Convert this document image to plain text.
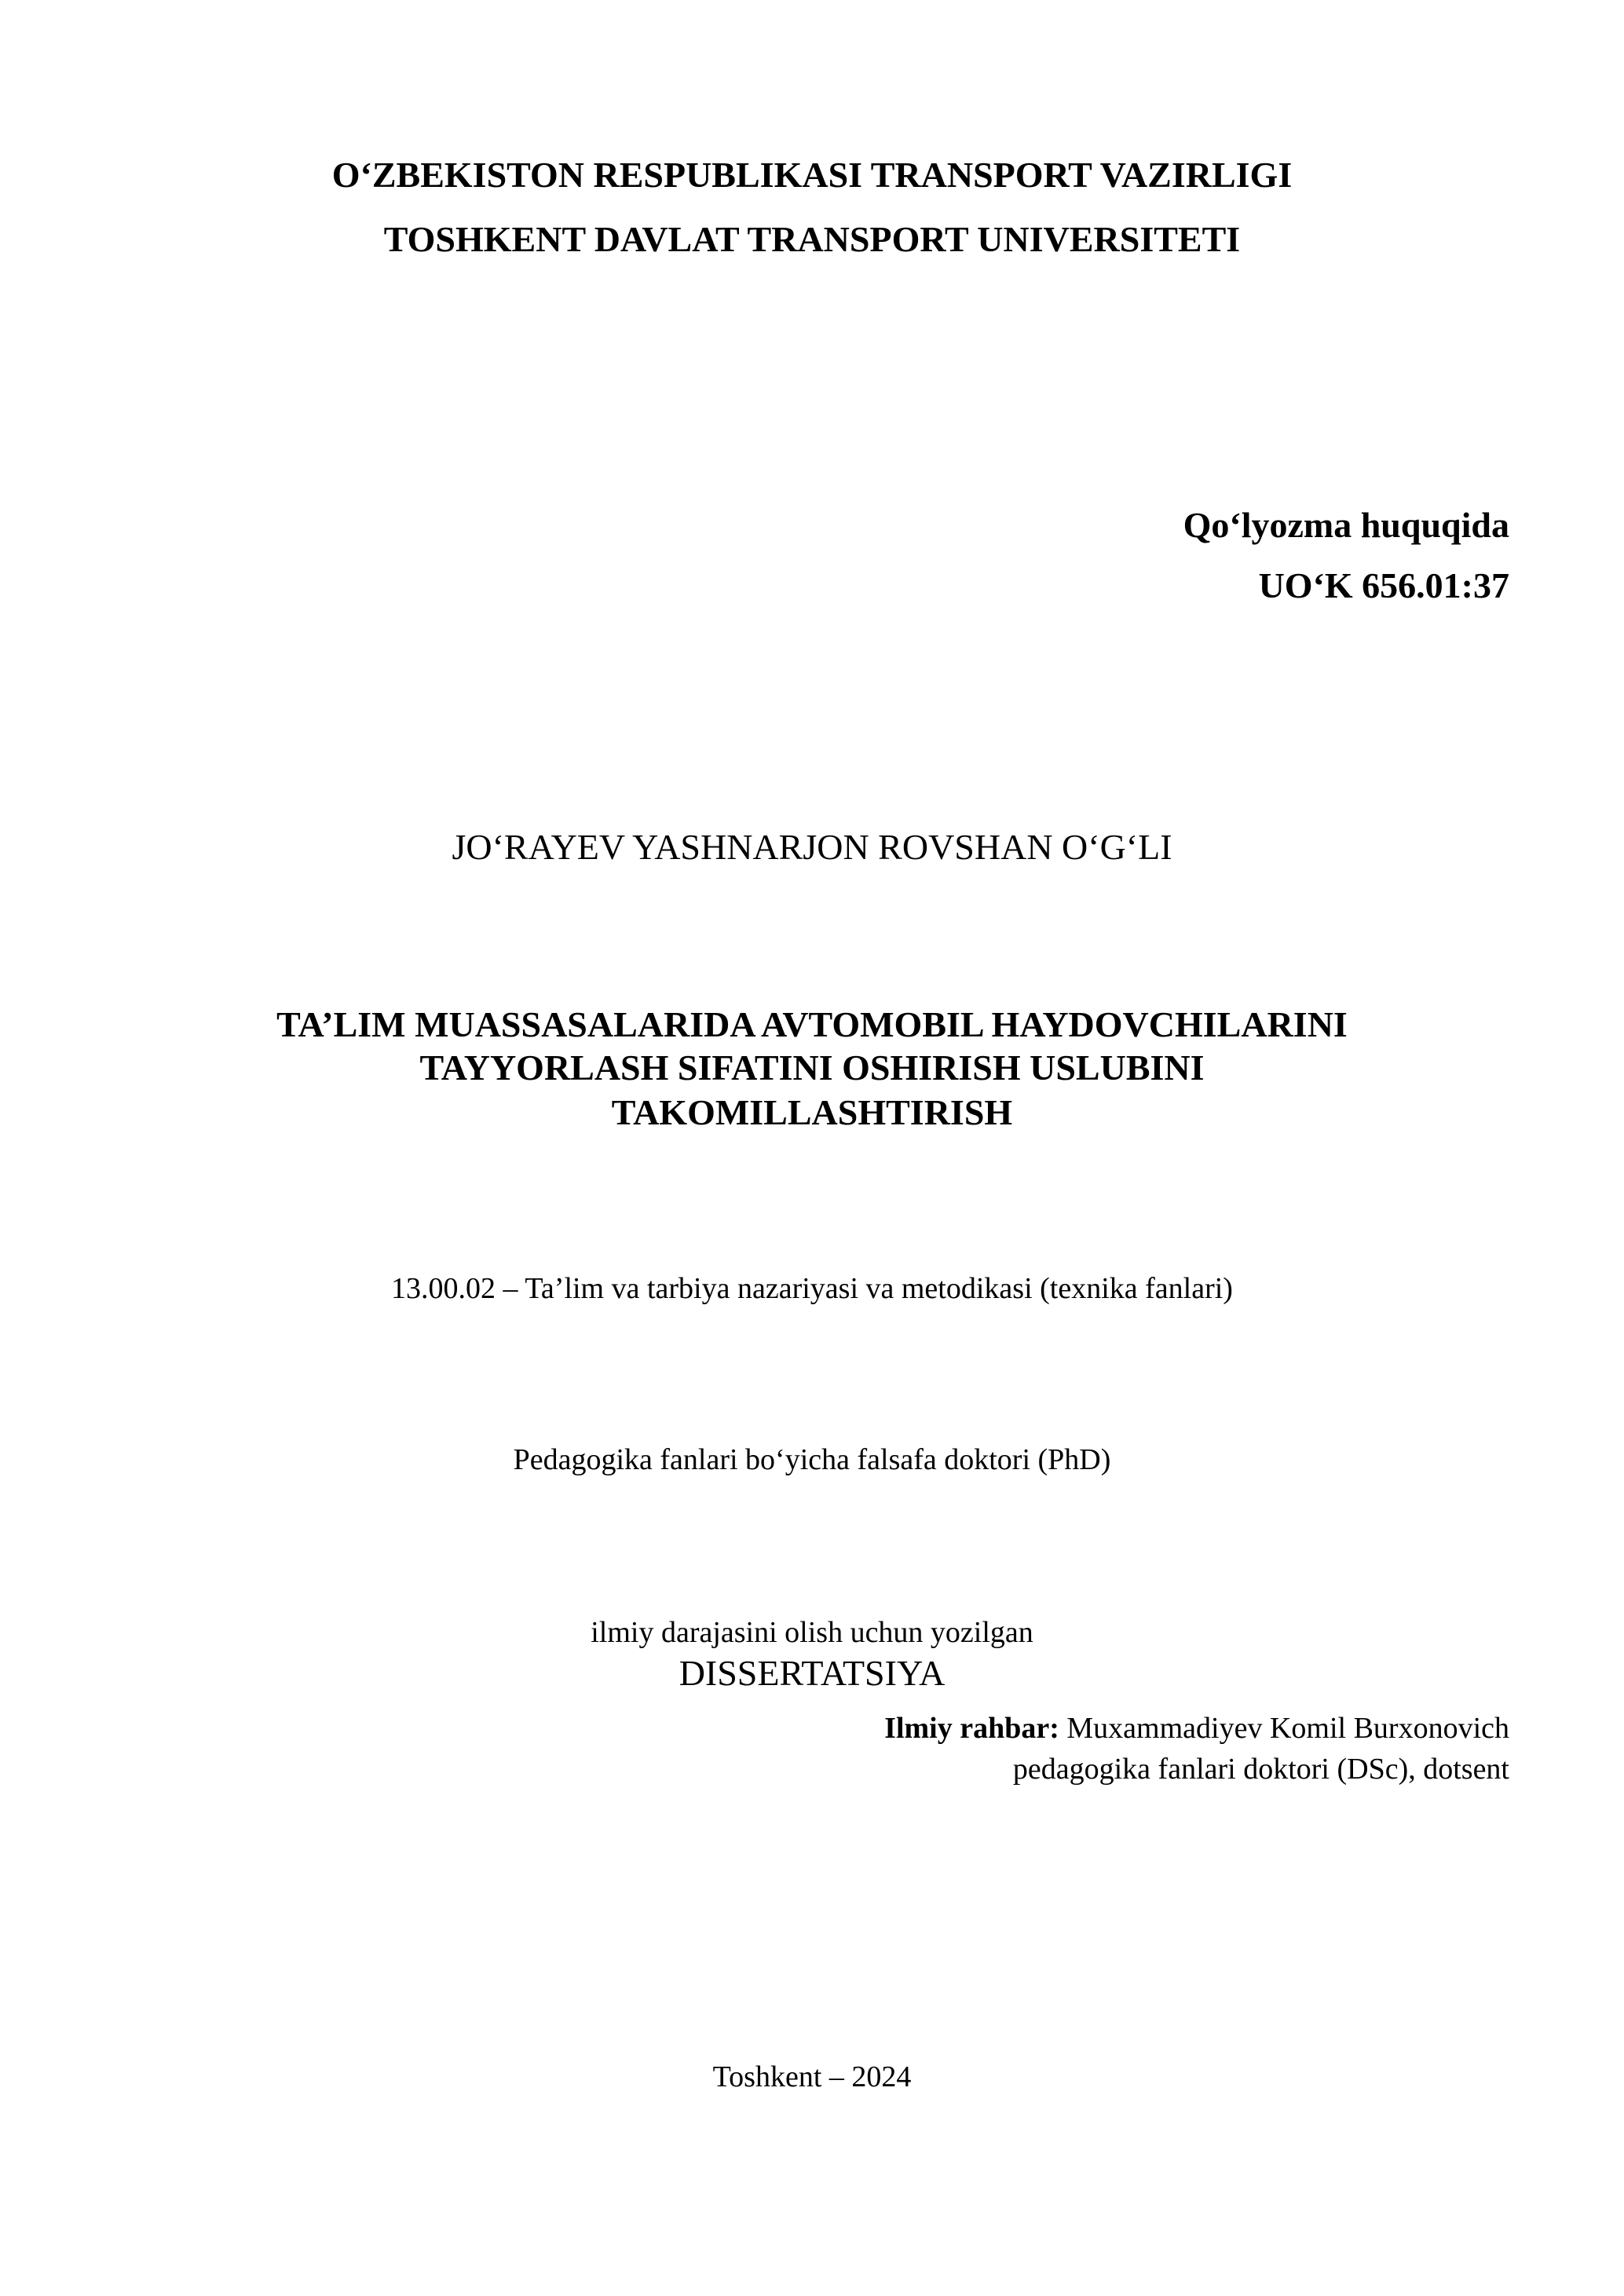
O‘ZBEKISTON RESPUBLIKASI TRANSPORT VAZIRLIGI
TOSHKENT DAVLAT TRANSPORT UNIVERSITETI
Qo‘lyozma huquqida
UO‘K 656.01:37
JO‘RAYEV YASHNARJON ROVSHAN O‘G‘LI
TA’LIM MUASSASALARIDA AVTOMOBIL HAYDOVCHILARINI
TAYYORLASH SIFATINI OSHIRISH USLUBINI
TAKOMILLASHTIRISH
13.00.02 – Ta’lim va tarbiya nazariyasi va metodikasi (texnika fanlari)
Pedagogika fanlari bo‘yicha falsafa doktori (PhD)
ilmiy darajasini olish uchun yozilgan
DISSERTATSIYA
Ilmiy rahbar: Muxammadiyev Komil Burxonovich
pedagogika fanlari doktori (DSc), dotsent
Toshkent – 2024
